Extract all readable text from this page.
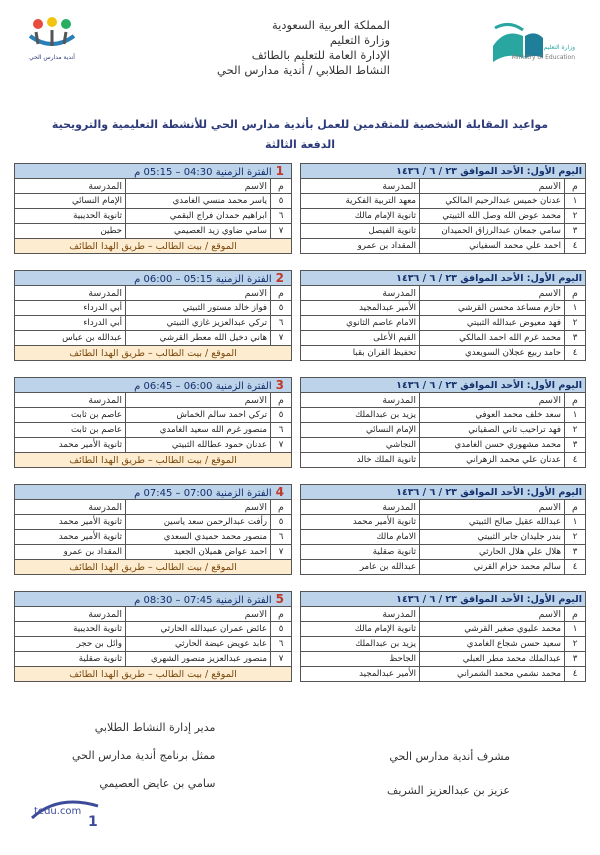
وزارة التعليم
Ministry of Education
المملكة العربية السعودية
وزارة التعليم
الإدارة العامة للتعليم بالطائف
النشاط الطلابي / أندية مدارس الحي
أندية مدارس الحي
مواعيد المقابلة الشخصية للمتقدمين للعمل بأندية مدارس الحي للأنشطة التعليمية والترويحية
الدفعة الثالثة
اليوم الأول: الأحد الموافق ٢٣ / ٦ / ١٤٣٦		
م	الاسم	المدرسة
١	عدنان خميس عبدالرحيم المالكي	معهد التربية الفكرية
٢	محمد عوض الله وصل الله الثبيتي	ثانوية الإمام مالك
٣	سامي جمعان عبدالرزاق الحميدان	ثانوية الفيصل
٤	احمد علي محمد السفياني	المقداد بن عمرو
1الفترة الزمنية 04:30 – 05:15 م		
م	الاسم	المدرسة
٥	ياسر محمد منسي الغامدي	الإمام النسائي
٦	ابراهيم حمدان فراج البقمي	ثانوية الحديبية
٧	سامي ضاوي زيد العصيمي	حطين
الموقع / بيت الطالب – طريق الهدا الطائف		
اليوم الأول: الأحد الموافق ٢٣ / ٦ / ١٤٣٦		
م	الاسم	المدرسة
١	حازم مساعد محسن القرشي	الأمير عبدالمجيد
٢	فهد معيوض عبدالله الثبيتي	الامام عاصم الثانوي
٣	محمد غرم الله احمد المالكي	القيم الأعلى
٤	حامد ربيع عجلان السويعدي	تحفيظ القران بقبا
2الفترة الزمنية 05:15 – 06:00 م		
م	الاسم	المدرسة
٥	فواز خالد مستور الثبيتي	أبي الدرداء
٦	تركي عبدالعزيز غازي الثبيتي	أبي الدرداء
٧	هاني دخيل الله معطر القرشي	عبدالله بن عباس
الموقع / بيت الطالب – طريق الهدا الطائف		
اليوم الأول: الأحد الموافق ٢٣ / ٦ / ١٤٣٦		
م	الاسم	المدرسة
١	سعد خلف محمد العوفي	يزيد بن عبدالملك
٢	فهد تراحيب ثاني الصقياني	الإمام النسائي
٣	محمد مشهوري حسن الغامدي	النجاشي
٤	عدنان علي محمد الزهراني	ثانوية الملك خالد
3الفترة الزمنية 06:00 – 06:45 م		
م	الاسم	المدرسة
٥	تركي احمد سالم الخماش	عاصم بن ثابت
٦	منصور غرم الله سعيد الغامدي	عاصم بن ثابت
٧	عدنان حمود عطالله الثبيتي	ثانوية الأمير محمد
الموقع / بيت الطالب – طريق الهدا الطائف		
اليوم الأول: الأحد الموافق ٢٣ / ٦ / ١٤٣٦		
م	الاسم	المدرسة
١	عبدالله عقيل صالح الثبيتي	ثانوية الأمير محمد
٢	بندر جليدان جابر الثبيتي	الامام مالك
٣	هلال علي هلال الحارثي	ثانوية صقلية
٤	سالم محمد حزام القرني	عبدالله بن عامر
4الفترة الزمنية 07:00 – 07:45 م		
م	الاسم	المدرسة
٥	رأفت عبدالرحمن سعد ياسين	ثانوية الأمير محمد
٦	منصور محمد حميدي السعدي	ثانوية الأمير محمد
٧	احمد عواض هميلان الجعيد	المقداد بن عمرو
الموقع / بيت الطالب – طريق الهدا الطائف		
اليوم الأول: الأحد الموافق ٢٣ / ٦ / ١٤٣٦		
م	الاسم	المدرسة
١	محمد عليوي صغير القرشي	ثانوية الإمام مالك
٢	سعيد حسن شجاع الغامدي	يزيد بن عبدالملك
٣	عبدالملك محمد مطر العبلي	الجاحظ
٤	محمد نشمي محمد الشمراني	الأمير عبدالمجيد
5الفترة الزمنية 07:45 – 08:30 م		
م	الاسم	المدرسة
٥	عائض عمران عبيدالله الحارثي	ثانوية الحديبية
٦	عابد عويض عيضة الحارثي	وائل بن حجر
٧	منصور عبدالعزيز منصور الشهري	ثانوية صقلية
الموقع / بيت الطالب – طريق الهدا الطائف		
مشرف أندية مدارس الحي
عزيز بن عبدالعزيز الشريف
مدير إدارة النشاط الطلابي
ممثل برنامج أندية مدارس الحي
سامي بن عايض العصيمي
1
tedu.com
